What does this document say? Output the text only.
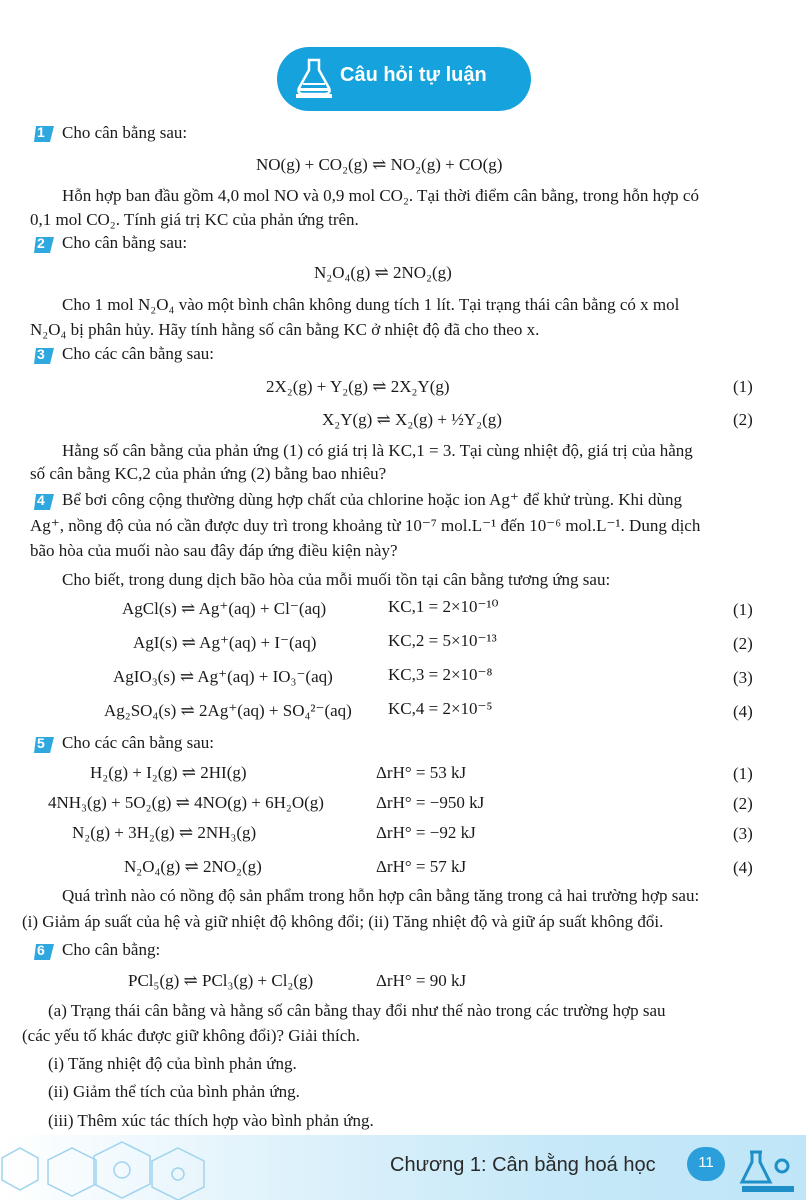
Câu hỏi tự luận
1 Cho cân bằng sau:
NO(g) + CO₂(g) ⇌ NO₂(g) + CO(g)
Hỗn hợp ban đầu gồm 4,0 mol NO và 0,9 mol CO₂. Tại thời điểm cân bằng, trong hỗn hợp có
0,1 mol CO₂. Tính giá trị KC của phản ứng trên.
2 Cho cân bằng sau:
N₂O₄(g) ⇌ 2NO₂(g)
Cho 1 mol N₂O₄ vào một bình chân không dung tích 1 lít. Tại trạng thái cân bằng có x mol
N₂O₄ bị phân hủy. Hãy tính hằng số cân bằng KC ở nhiệt độ đã cho theo x.
3 Cho các cân bằng sau:
2X₂(g) + Y₂(g) ⇌ 2X₂Y(g)	(1)
X₂Y(g) ⇌ X₂(g) + ½Y₂(g)	(2)
Hằng số cân bằng của phản ứng (1) có giá trị là KC,1 = 3. Tại cùng nhiệt độ, giá trị của hằng
số cân bằng KC,2 của phản ứng (2) bằng bao nhiêu?
4 Bể bơi công cộng thường dùng hợp chất của chlorine hoặc ion Ag⁺ để khử trùng. Khi dùng
Ag⁺, nồng độ của nó cần được duy trì trong khoảng từ 10⁻⁷ mol.L⁻¹ đến 10⁻⁶ mol.L⁻¹. Dung dịch
bão hòa của muối nào sau đây đáp ứng điều kiện này?
Cho biết, trong dung dịch bão hòa của mỗi muối tồn tại cân bằng tương ứng sau:
AgCl(s) ⇌ Ag⁺(aq) + Cl⁻(aq)	KC,1 = 2×10⁻¹⁰	(1)
AgI(s) ⇌ Ag⁺(aq) + I⁻(aq)	KC,2 = 5×10⁻¹³	(2)
AgIO₃(s) ⇌ Ag⁺(aq) + IO₃⁻(aq)	KC,3 = 2×10⁻⁸	(3)
Ag₂SO₄(s) ⇌ 2Ag⁺(aq) + SO₄²⁻(aq) KC,4 = 2×10⁻⁵	(4)
5 Cho các cân bằng sau:
H₂(g) + I₂(g) ⇌ 2HI(g)	ΔrH° = 53 kJ	(1)
4NH₃(g) + 5O₂(g) ⇌ 4NO(g) + 6H₂O(g)	ΔrH° = −950 kJ	(2)
N₂(g) + 3H₂(g) ⇌ 2NH₃(g)	ΔrH° = −92 kJ	(3)
N₂O₄(g) ⇌ 2NO₂(g)	ΔrH° = 57 kJ	(4)
Quá trình nào có nồng độ sản phẩm trong hỗn hợp cân bằng tăng trong cả hai trường hợp sau:
(i) Giảm áp suất của hệ và giữ nhiệt độ không đổi; (ii) Tăng nhiệt độ và giữ áp suất không đổi.
6 Cho cân bằng:
PCl₅(g) ⇌ PCl₃(g) + Cl₂(g)	ΔrH° = 90 kJ
(a) Trạng thái cân bằng và hằng số cân bằng thay đổi như thế nào trong các trường hợp sau
(các yếu tố khác được giữ không đổi)? Giải thích.
(i) Tăng nhiệt độ của bình phản ứng.
(ii) Giảm thể tích của bình phản ứng.
(iii) Thêm xúc tác thích hợp vào bình phản ứng.
Chương 1: Cân bằng hoá học	11
